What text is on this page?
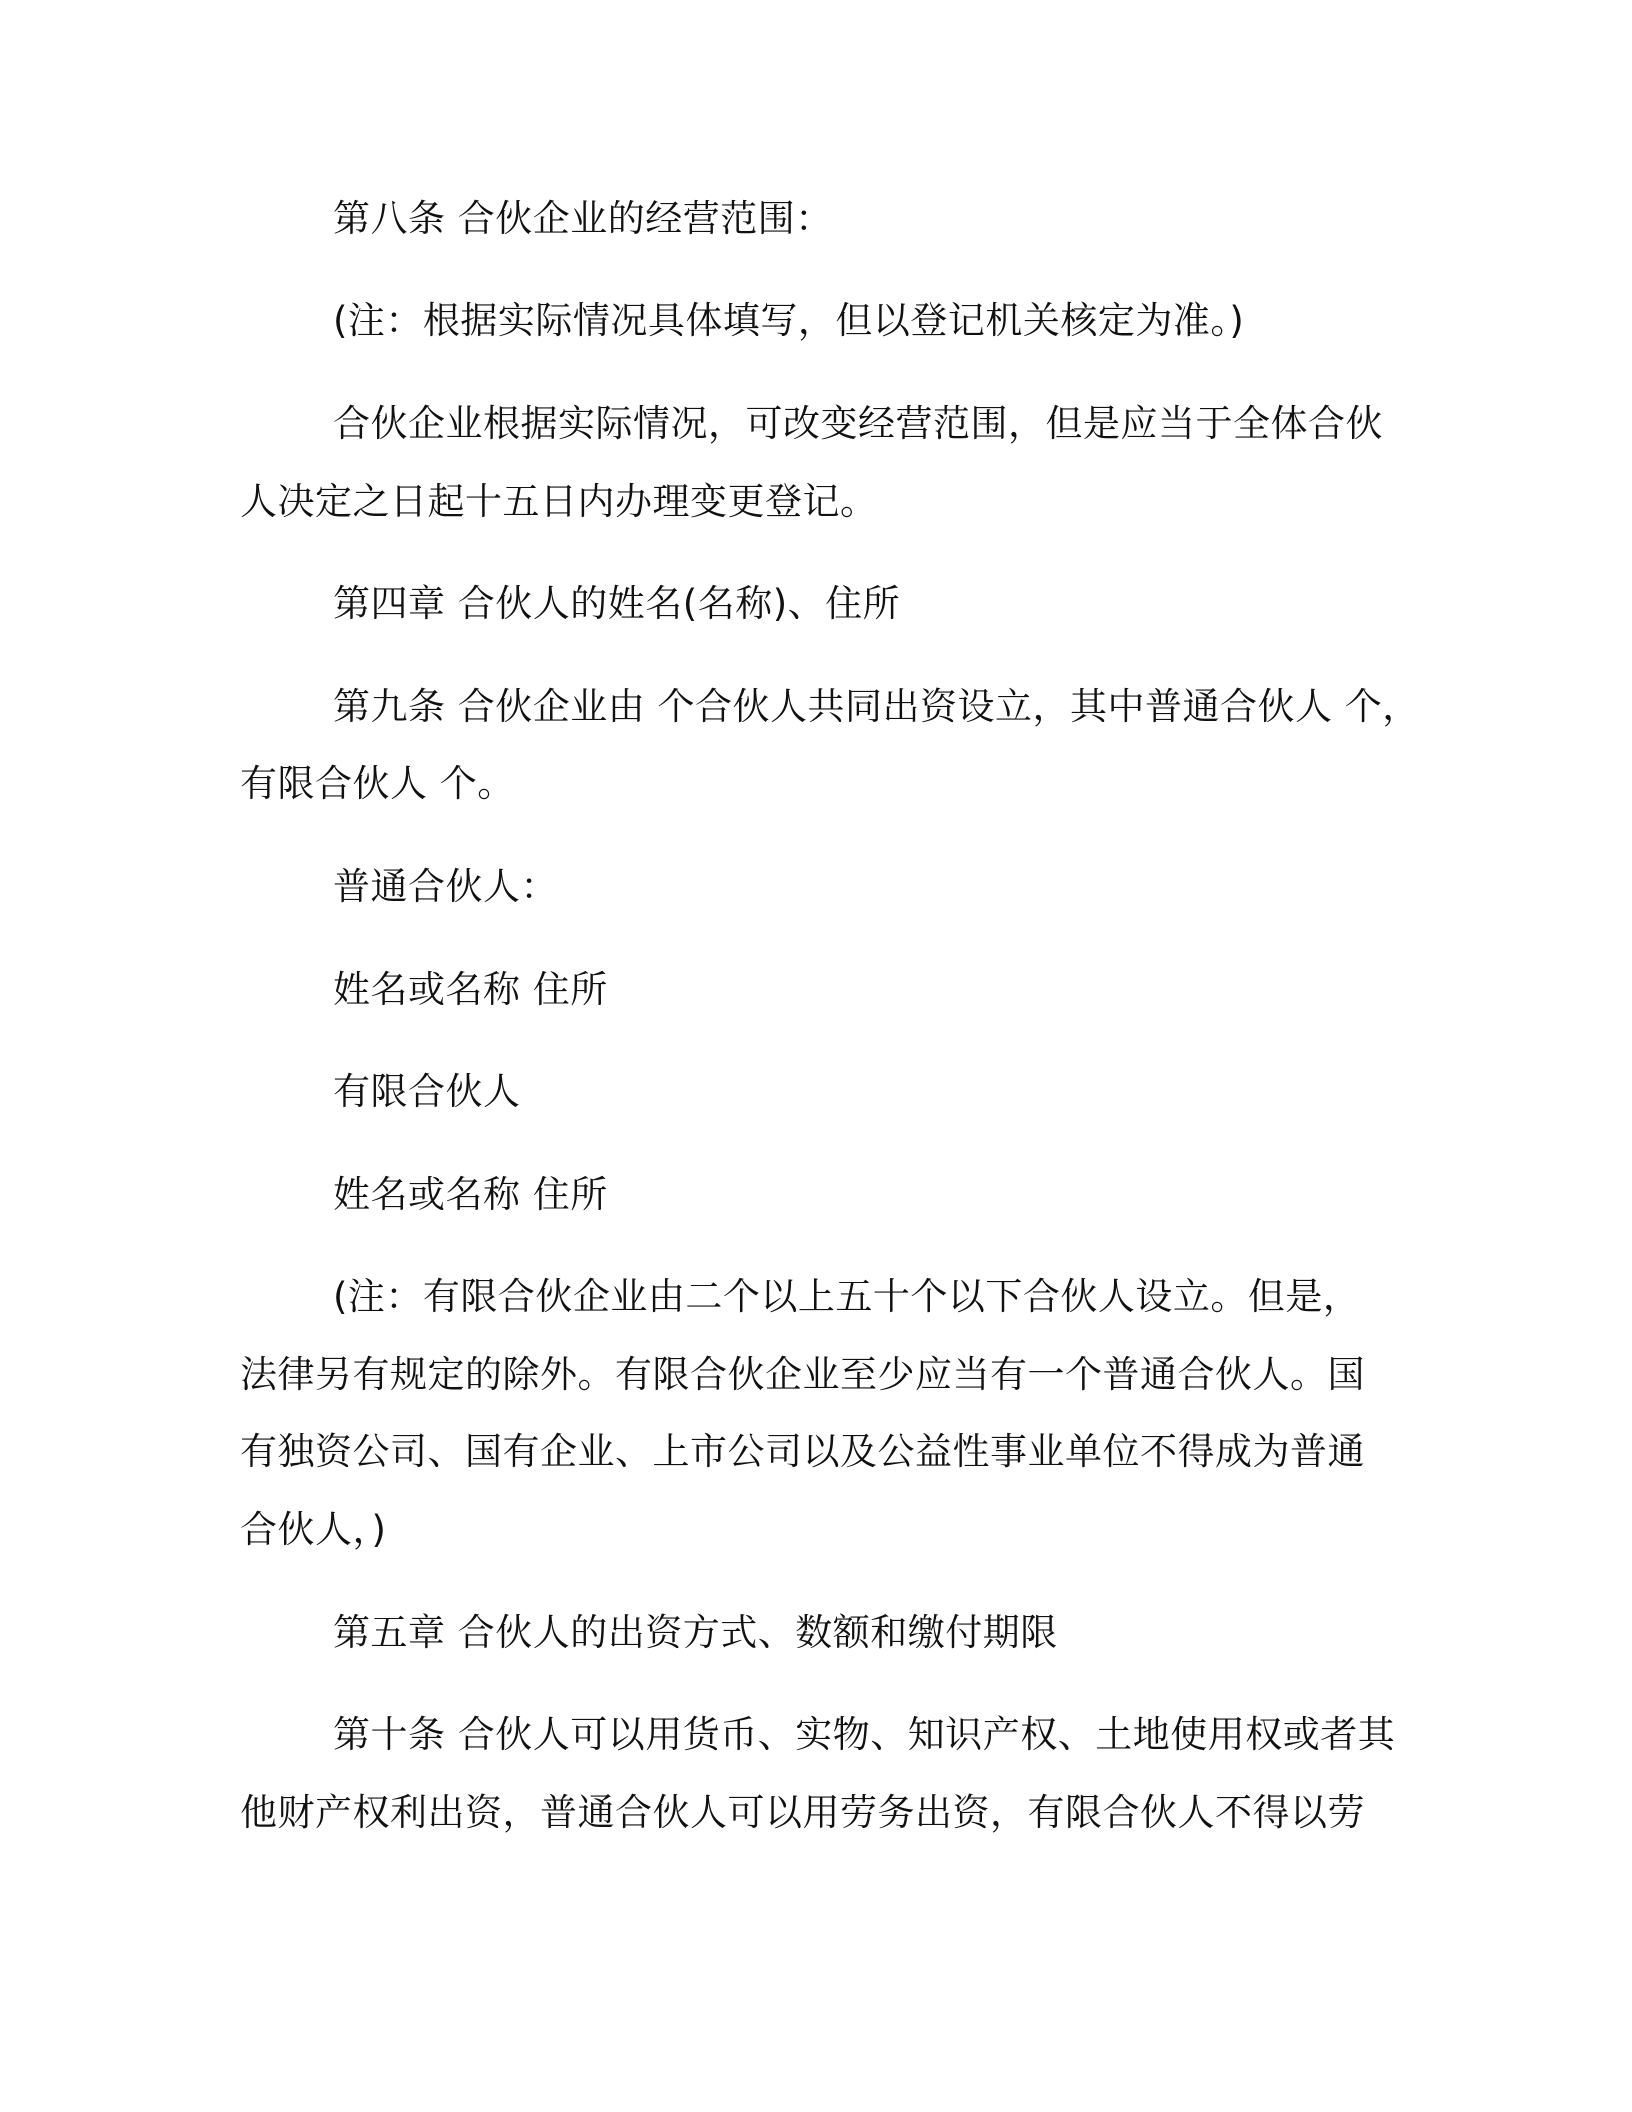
第八条 合伙企业的经营范围：

(注：根据实际情况具体填写，但以登记机关核定为准。)

合伙企业根据实际情况，可改变经营范围，但是应当于全体合伙

人决定之日起十五日内办理变更登记。

第四章 合伙人的姓名(名称)、住所

第九条 合伙企业由 个合伙人共同出资设立，其中普通合伙人 个，

有限合伙人 个。

普通合伙人：

姓名或名称 住所

有限合伙人

姓名或名称 住所

(注：有限合伙企业由二个以上五十个以下合伙人设立。但是，

法律另有规定的除外。有限合伙企业至少应当有一个普通合伙人。国

有独资公司、国有企业、上市公司以及公益性事业单位不得成为普通

合伙人，)

第五章 合伙人的出资方式、数额和缴付期限

第十条 合伙人可以用货币、实物、知识产权、土地使用权或者其

他财产权利出资，普通合伙人可以用劳务出资，有限合伙人不得以劳
